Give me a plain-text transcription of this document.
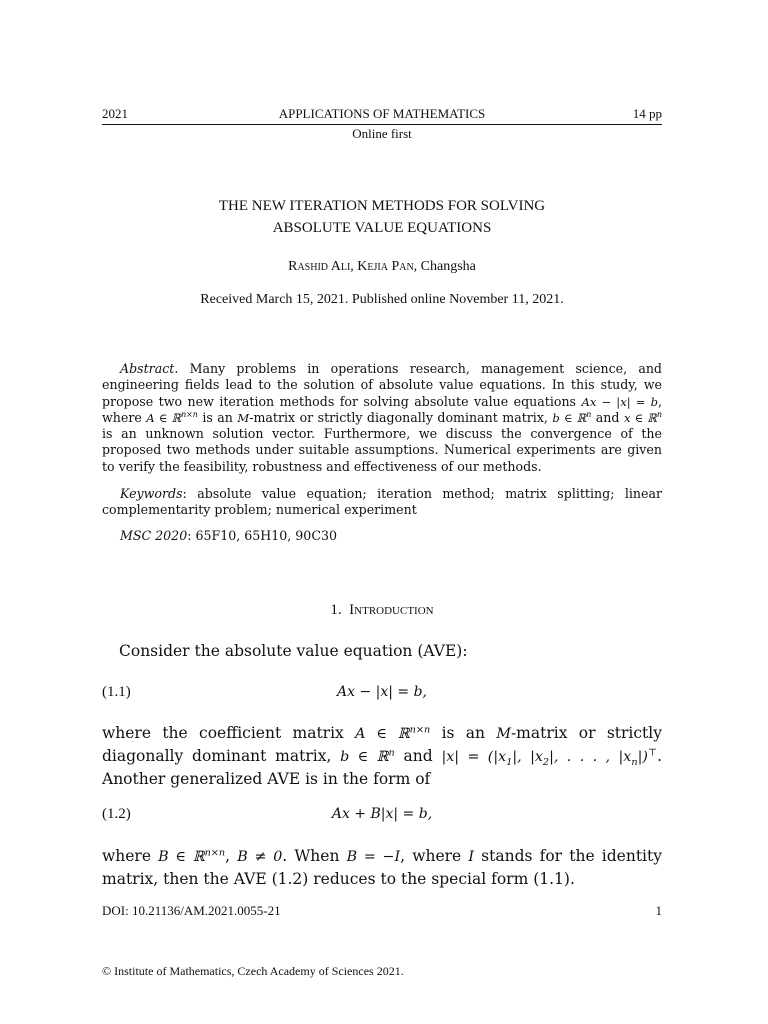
2021	APPLICATIONS OF MATHEMATICS	14 pp
Online first
THE NEW ITERATION METHODS FOR SOLVING
ABSOLUTE VALUE EQUATIONS
Rashid Ali, Kejia Pan, Changsha
Received March 15, 2021. Published online November 11, 2021.
Abstract. Many problems in operations research, management science, and engineering fields lead to the solution of absolute value equations. In this study, we propose two new iteration methods for solving absolute value equations Ax − |x| = b, where A ∈ ℝ$^{n\times n}$ is an M-matrix or strictly diagonally dominant matrix, b ∈ ℝ$^n$ and x ∈ ℝ$^n$ is an unknown solution vector. Furthermore, we discuss the convergence of the proposed two methods under suitable assumptions. Numerical experiments are given to verify the feasibility, robustness and effectiveness of our methods.
Keywords: absolute value equation; iteration method; matrix splitting; linear complementarity problem; numerical experiment
MSC 2020: 65F10, 65H10, 90C30
1. Introduction
Consider the absolute value equation (AVE):
(1.1)	Ax − |x| = b,
where the coefficient matrix A ∈ ℝ$^{n\times n}$ is an M-matrix or strictly diagonally dominant matrix, b ∈ ℝ$^n$ and $|x| = (|x_1|$, $|x_2|$, . . . , $|x_n|)^⊤$. Another generalized AVE is in the form of
(1.2)	Ax + B|x| = b,
where B ∈ ℝ$^{n\times n}$, B ≠ 0. When B = −I, where I stands for the identity matrix, then the AVE (1.2) reduces to the special form (1.1).
DOI: 10.21136/AM.2021.0055-21	1
© Institute of Mathematics, Czech Academy of Sciences 2021.
